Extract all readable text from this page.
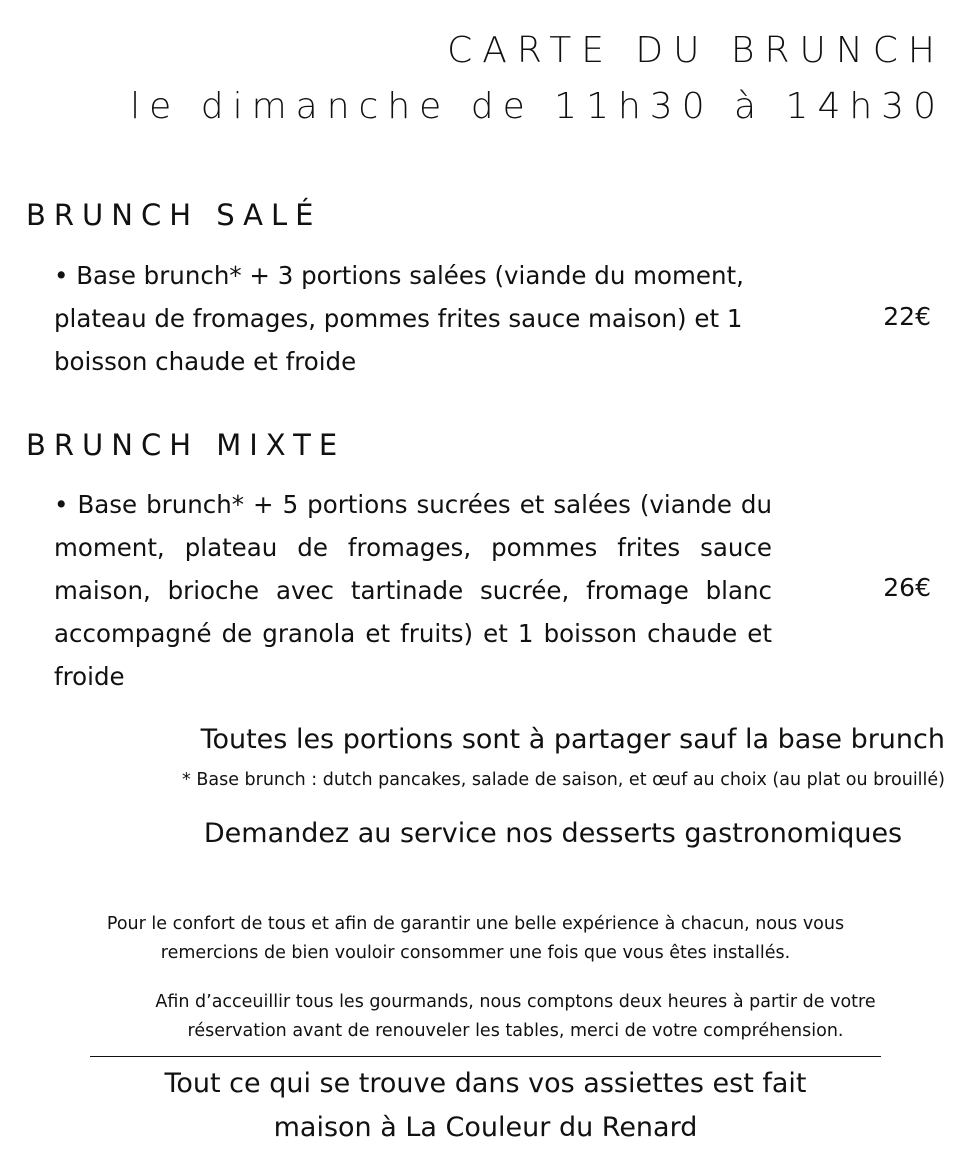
CARTE DU BRUNCH
le dimanche de 11h30 à 14h30
BRUNCH SALÉ
• Base brunch* + 3 portions salées (viande du moment, plateau de fromages, pommes frites sauce maison) et 1 boisson chaude et froide
22€
BRUNCH MIXTE
• Base brunch* + 5 portions sucrées et salées (viande du moment, plateau de fromages, pommes frites sauce maison, brioche avec tartinade sucrée, fromage blanc accompagné de granola et fruits) et 1 boisson chaude et froide
26€
Toutes les portions sont à partager sauf la base brunch
* Base brunch : dutch pancakes, salade de saison, et œuf au choix (au plat ou brouillé)
Demandez au service nos desserts gastronomiques
Pour le confort de tous et afin de garantir une belle expérience à chacun, nous vous
remercions de bien vouloir consommer une fois que vous êtes installés.
Afin d’acceuillir tous les gourmands, nous comptons deux heures à partir de votre
réservation avant de renouveler les tables, merci de votre compréhension.
Tout ce qui se trouve dans vos assiettes est fait
maison à La Couleur du Renard
